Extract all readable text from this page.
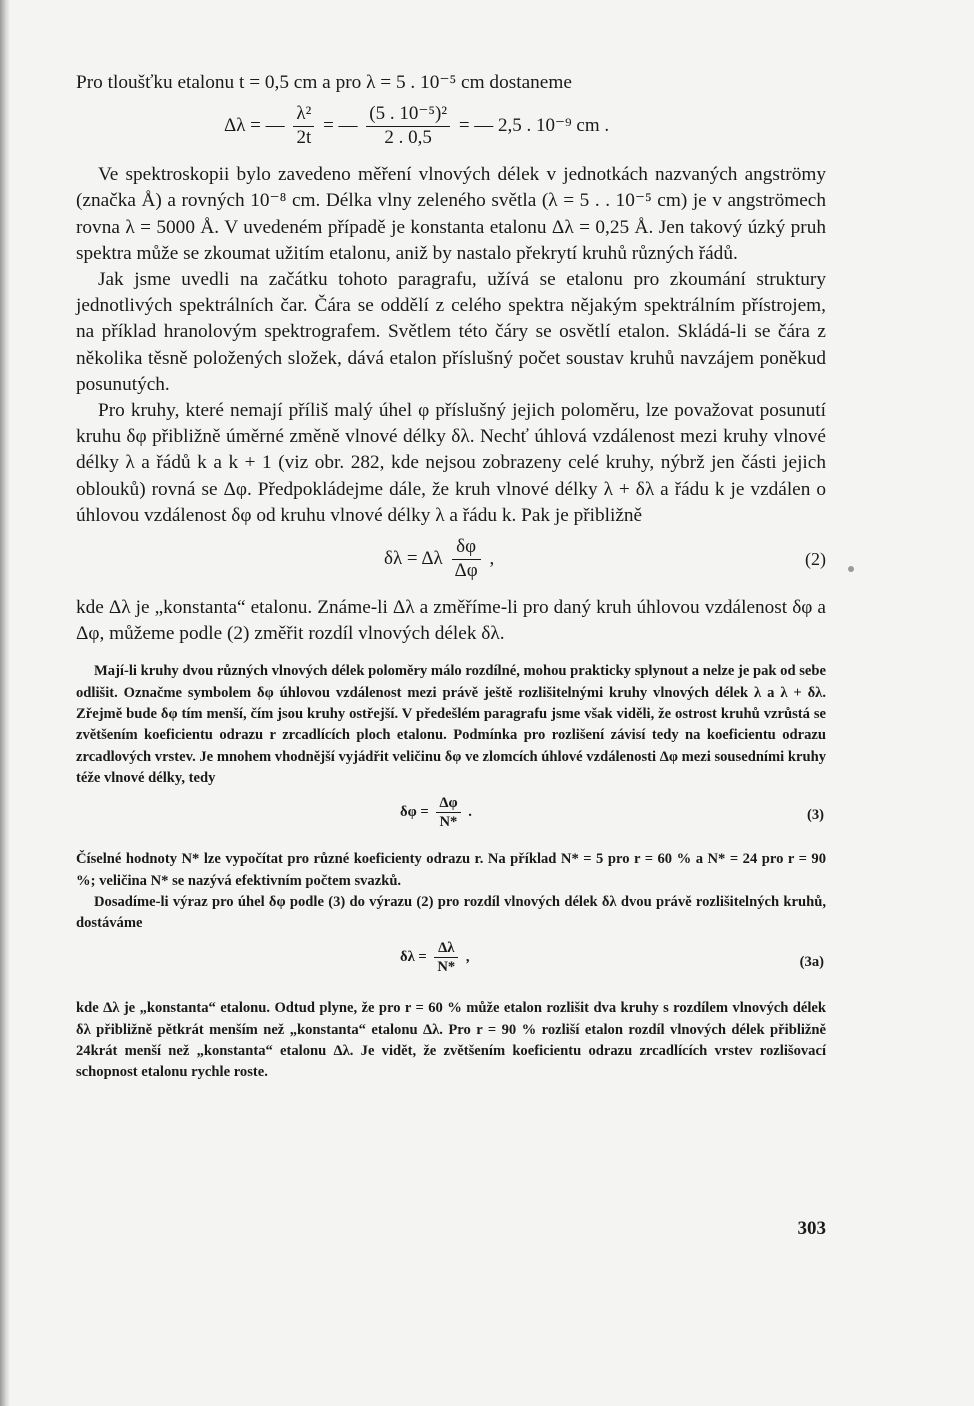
Pro tloušťku etalonu t = 0,5 cm a pro λ = 5 . 10⁻⁵ cm dostaneme

Δλ = — $\frac{\text{λ²}}{2t}$ = — $\frac{\text{(5 . 10⁻⁵)²}}{2 . 0,5}$ = — 2,5 . 10⁻⁹ cm .

Ve spektroskopii bylo zavedeno měření vlnových délek v jednotkách nazvaných angströmy (značka Å) a rovných 10⁻⁸ cm. Délka vlny zeleného světla (λ = 5 . . 10⁻⁵ cm) je v angströmech rovna λ = 5000 Å. V uvedeném případě je konstanta etalonu Δλ = 0,25 Å. Jen takový úzký pruh spektra může se zkoumat užitím etalonu, aniž by nastalo překrytí kruhů různých řádů.

Jak jsme uvedli na začátku tohoto paragrafu, užívá se etalonu pro zkoumání struktury jednotlivých spektrálních čar. Čára se oddělí z celého spektra nějakým spektrálním přístrojem, na příklad hranolovým spektrografem. Světlem této čáry se osvětlí etalon. Skládá-li se čára z několika těsně položených složek, dává etalon příslušný počet soustav kruhů navzájem poněkud posunutých.

Pro kruhy, které nemají příliš malý úhel φ příslušný jejich poloměru, lze považovat posunutí kruhu δφ přibližně úměrné změně vlnové délky δλ. Nechť úhlová vzdálenost mezi kruhy vlnové délky λ a řádů k a k + 1 (viz obr. 282, kde nejsou zobrazeny celé kruhy, nýbrž jen části jejich oblouků) rovná se Δφ. Předpokládejme dále, že kruh vlnové délky λ + δλ a řádu k je vzdálen o úhlovou vzdálenost δφ od kruhu vlnové délky λ a řádu k. Pak je přibližně

δλ = Δλ $\frac{\delta\varphi}{\Delta\varphi}$ ,	(2)

kde Δλ je „konstanta“ etalonu. Známe-li Δλ a změříme-li pro daný kruh úhlovou vzdálenost δφ a Δφ, můžeme podle (2) změřit rozdíl vlnových délek δλ.

Mají-li kruhy dvou různých vlnových délek poloměry málo rozdílné, mohou prakticky splynout a nelze je pak od sebe odlišit. Označme symbolem δφ úhlovou vzdálenost mezi právě ještě rozlišitelnými kruhy vlnových délek λ a λ + δλ. Zřejmě bude δφ tím menší, čím jsou kruhy ostřejší. V předešlém paragrafu jsme však viděli, že ostrost kruhů vzrůstá se zvětšením koeficientu odrazu r zrcadlících ploch etalonu. Podmínka pro rozlišení závisí tedy na koeficientu odrazu zrcadlových vrstev. Je mnohem vhodnější vyjádřit veličinu δφ ve zlomcích úhlové vzdálenosti Δφ mezi sousedními kruhy téže vlnové délky, tedy

$\delta\varphi = \frac{\Delta\varphi}{N*}$ .	(3)

Číselné hodnoty N* lze vypočítat pro různé koeficienty odrazu r. Na příklad N* = 5 pro r = 60 % a N* = 24 pro r = 90 %; veličina N* se nazývá efektivním počtem svazků.

Dosadíme-li výraz pro úhel δφ podle (3) do výrazu (2) pro rozdíl vlnových délek δλ dvou právě rozlišitelných kruhů, dostáváme

$\delta\lambda = \frac{\Delta\lambda}{N*}$ ,	(3a)

kde Δλ je „konstanta“ etalonu. Odtud plyne, že pro r = 60 % může etalon rozlišit dva kruhy s rozdílem vlnových délek δλ přibližně pětkrát menším než „konstanta“ etalonu Δλ. Pro r = 90 % rozliší etalon rozdíl vlnových délek přibližně 24krát menší než „konstanta“ etalonu Δλ. Je vidět, že zvětšením koeficientu odrazu zrcadlících vrstev rozlišovací schopnost etalonu rychle roste.

303
